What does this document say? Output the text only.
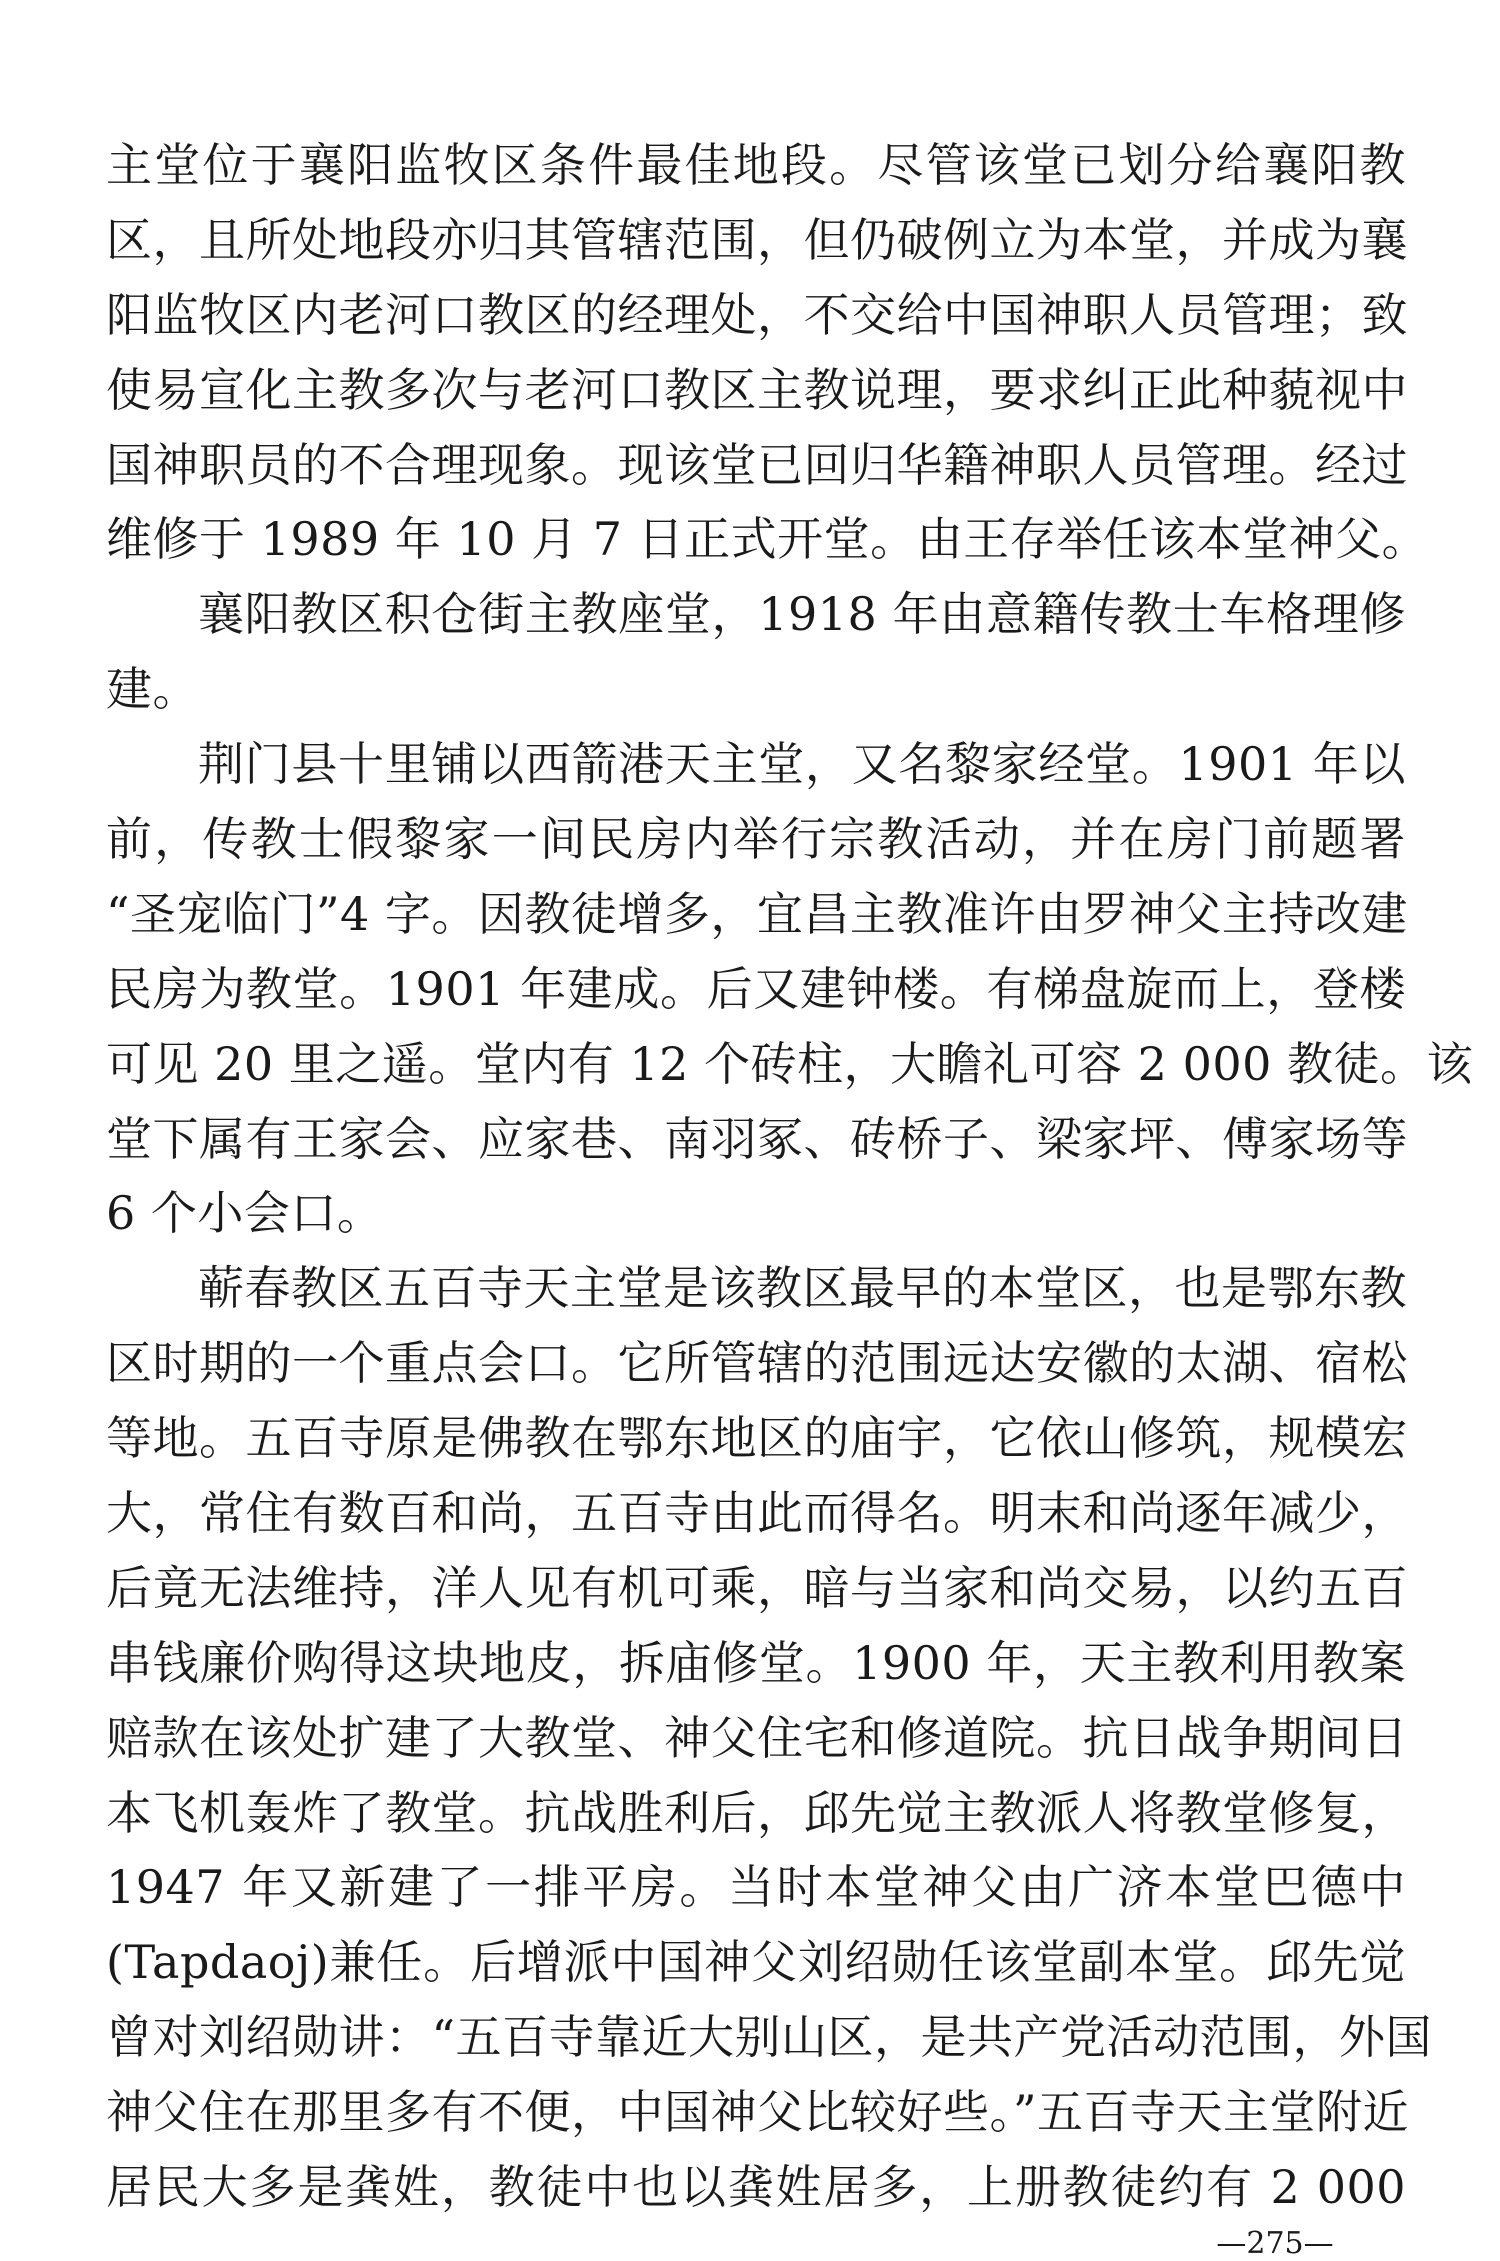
主堂位于襄阳监牧区条件最佳地段。尽管该堂已划分给襄阳教
区，且所处地段亦归其管辖范围，但仍破例立为本堂，并成为襄
阳监牧区内老河口教区的经理处，不交给中国神职人员管理；致
使易宣化主教多次与老河口教区主教说理，要求纠正此种藐视中
国神职员的不合理现象。现该堂已回归华籍神职人员管理。经过
维修于 1989 年 10 月 7 日正式开堂。由王存举任该本堂神父。
襄阳教区积仓街主教座堂，1918 年由意籍传教士车格理修
建。
荆门县十里铺以西箭港天主堂，又名黎家经堂。1901 年以
前，传教士假黎家一间民房内举行宗教活动，并在房门前题署
“圣宠临门”4 字。因教徒增多，宜昌主教准许由罗神父主持改建
民房为教堂。1901 年建成。后又建钟楼。有梯盘旋而上，登楼
可见 20 里之遥。堂内有 12 个砖柱，大瞻礼可容 2 000 教徒。该
堂下属有王家会、应家巷、南羽冢、砖桥子、梁家坪、傅家场等
6 个小会口。
蕲春教区五百寺天主堂是该教区最早的本堂区，也是鄂东教
区时期的一个重点会口。它所管辖的范围远达安徽的太湖、宿松
等地。五百寺原是佛教在鄂东地区的庙宇，它依山修筑，规模宏
大，常住有数百和尚，五百寺由此而得名。明末和尚逐年减少，
后竟无法维持，洋人见有机可乘，暗与当家和尚交易，以约五百
串钱廉价购得这块地皮，拆庙修堂。1900 年，天主教利用教案
赔款在该处扩建了大教堂、神父住宅和修道院。抗日战争期间日
本飞机轰炸了教堂。抗战胜利后，邱先觉主教派人将教堂修复，
1947 年又新建了一排平房。当时本堂神父由广济本堂巴德中
(Tapdaoj)兼任。后增派中国神父刘绍勋任该堂副本堂。邱先觉
曾对刘绍勋讲：“五百寺靠近大别山区，是共产党活动范围，外国
神父住在那里多有不便，中国神父比较好些。”五百寺天主堂附近
居民大多是龚姓，教徒中也以龚姓居多，上册教徒约有 2 000
—275—
